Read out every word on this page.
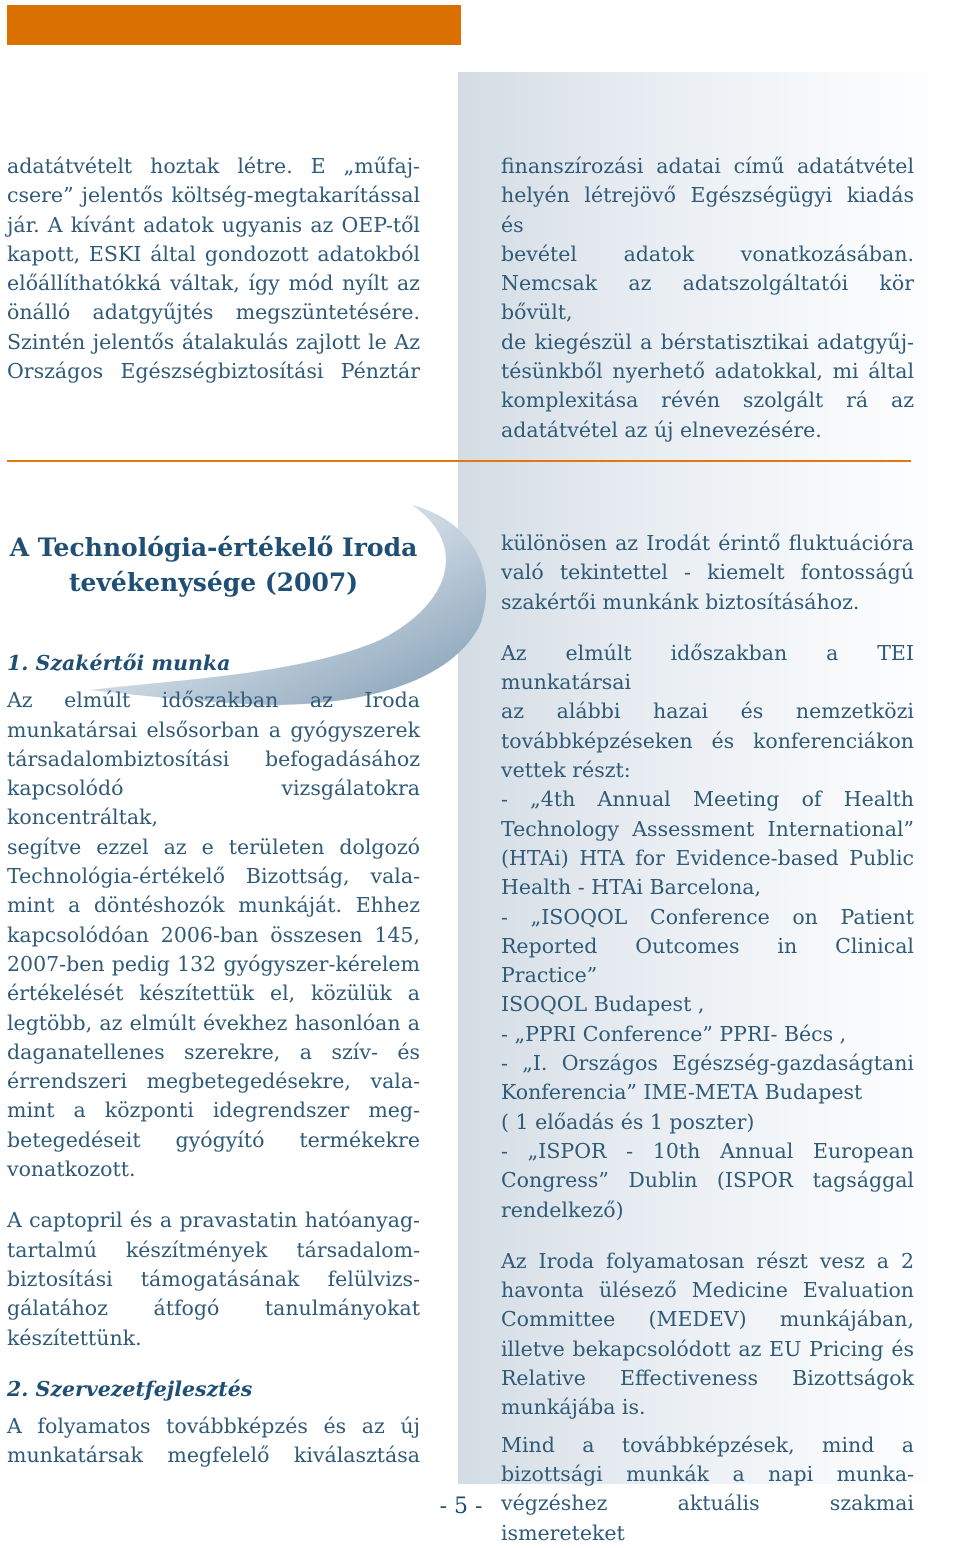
adatátvételt hoztak létre. E „műfaj-

csere” jelentős költség-megtakarítással

jár. A kívánt adatok ugyanis az OEP-től

kapott, ESKI által gondozott adatokból

előállíthatókká váltak, így mód nyílt az

önálló adatgyűjtés megszüntetésére.

Szintén jelentős átalakulás zajlott le Az

Országos Egészségbiztosítási Pénztár

finanszírozási adatai című adatátvétel

helyén létrejövő Egészségügyi kiadás és

bevétel adatok vonatkozásában.

Nemcsak az adatszolgáltatói kör bővült,

de kiegészül a bérstatisztikai adatgyűj-

tésünkből nyerhető adatokkal, mi által

komplexitása révén szolgált rá az

adatátvétel az új elnevezésére.

A Technológia-értékelő Iroda
tevékenysége (2007)

1. Szakértői munka

Az elmúlt időszakban az Iroda

munkatársai elsősorban a gyógyszerek

társadalombiztosítási befogadásához

kapcsolódó vizsgálatokra koncentráltak,

segítve ezzel az e területen dolgozó

Technológia-értékelő Bizottság, vala-

mint a döntéshozók munkáját. Ehhez

kapcsolódóan 2006-ban összesen 145,

2007-ben pedig 132 gyógyszer-kérelem

értékelését készítettük el, közülük a

legtöbb, az elmúlt évekhez hasonlóan a

daganatellenes szerekre, a szív- és

érrendszeri megbetegedésekre, vala-

mint a központi idegrendszer meg-

betegedéseit gyógyító termékekre

vonatkozott.

A captopril és a pravastatin hatóanyag-

tartalmú készítmények társadalom-

biztosítási támogatásának felülvizs-

gálatához átfogó tanulmányokat

készítettünk.

2. Szervezetfejlesztés

A folyamatos továbbképzés és az új

munkatársak megfelelő kiválasztása

különösen az Irodát érintő fluktuációra

való tekintettel - kiemelt fontosságú

szakértői munkánk biztosításához.

Az elmúlt időszakban a TEI munkatársai

az alábbi hazai és nemzetközi

továbbképzéseken és konferenciákon

vettek részt:

- „4th Annual Meeting of Health

Technology Assessment International”

(HTAi) HTA for Evidence-based Public

Health - HTAi Barcelona,

- „ISOQOL Conference on Patient

Reported Outcomes in Clinical Practice”

ISOQOL Budapest ,

- „PPRI Conference” PPRI- Bécs ,

- „I. Országos Egészség-gazdaságtani

Konferencia” IME-META Budapest

( 1 előadás és 1 poszter)

- „ISPOR - 10th Annual European

Congress” Dublin (ISPOR tagsággal

rendelkező)

Az Iroda folyamatosan részt vesz a 2

havonta ülésező Medicine Evaluation

Committee (MEDEV) munkájában,

illetve bekapcsolódott az EU Pricing és

Relative Effectiveness Bizottságok

munkájába is.

Mind a továbbképzések, mind a

bizottsági munkák a napi munka-

végzéshez aktuális szakmai ismereteket

- 5 -
